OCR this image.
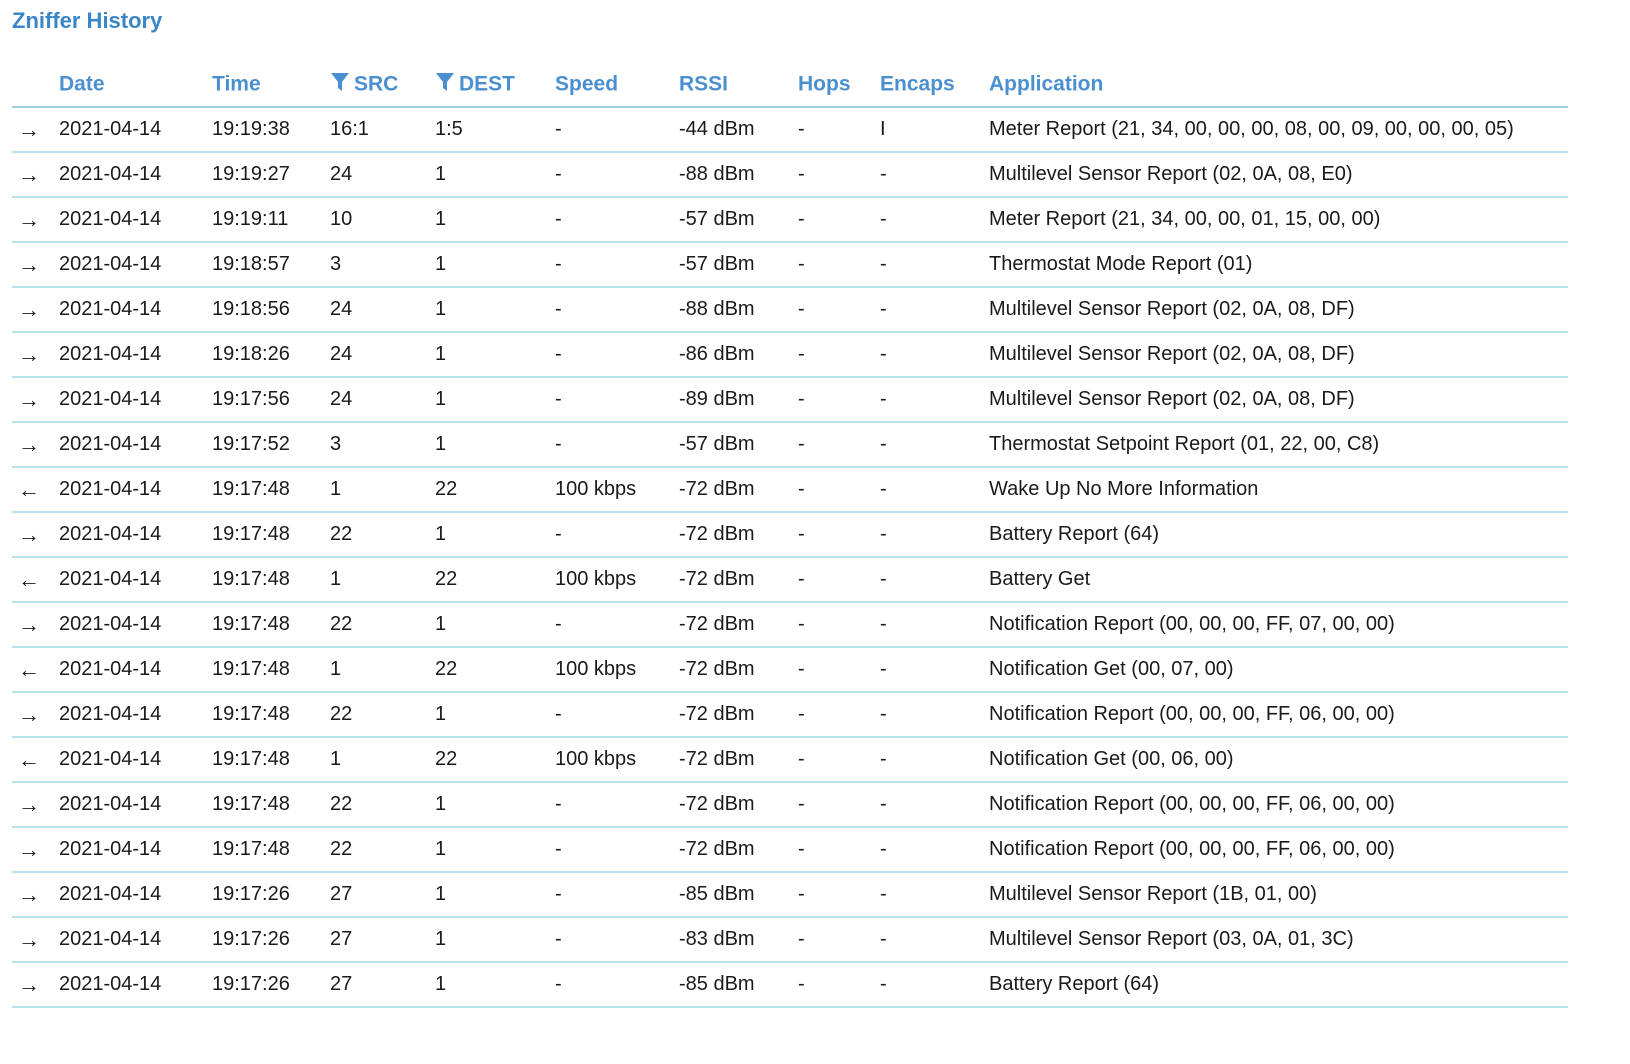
Zniffer History
	Date	Time	SRC	DEST	Speed	RSSI	Hops	Encaps	Application
→	2021-04-14	19:19:38	16:1	1:5	-	-44 dBm	-	I	Meter Report (21, 34, 00, 00, 00, 08, 00, 09, 00, 00, 00, 05)
→	2021-04-14	19:19:27	24	1	-	-88 dBm	-	-	Multilevel Sensor Report (02, 0A, 08, E0)
→	2021-04-14	19:19:11	10	1	-	-57 dBm	-	-	Meter Report (21, 34, 00, 00, 01, 15, 00, 00)
→	2021-04-14	19:18:57	3	1	-	-57 dBm	-	-	Thermostat Mode Report (01)
→	2021-04-14	19:18:56	24	1	-	-88 dBm	-	-	Multilevel Sensor Report (02, 0A, 08, DF)
→	2021-04-14	19:18:26	24	1	-	-86 dBm	-	-	Multilevel Sensor Report (02, 0A, 08, DF)
→	2021-04-14	19:17:56	24	1	-	-89 dBm	-	-	Multilevel Sensor Report (02, 0A, 08, DF)
→	2021-04-14	19:17:52	3	1	-	-57 dBm	-	-	Thermostat Setpoint Report (01, 22, 00, C8)
←	2021-04-14	19:17:48	1	22	100 kbps	-72 dBm	-	-	Wake Up No More Information
→	2021-04-14	19:17:48	22	1	-	-72 dBm	-	-	Battery Report (64)
←	2021-04-14	19:17:48	1	22	100 kbps	-72 dBm	-	-	Battery Get
→	2021-04-14	19:17:48	22	1	-	-72 dBm	-	-	Notification Report (00, 00, 00, FF, 07, 00, 00)
←	2021-04-14	19:17:48	1	22	100 kbps	-72 dBm	-	-	Notification Get (00, 07, 00)
→	2021-04-14	19:17:48	22	1	-	-72 dBm	-	-	Notification Report (00, 00, 00, FF, 06, 00, 00)
←	2021-04-14	19:17:48	1	22	100 kbps	-72 dBm	-	-	Notification Get (00, 06, 00)
→	2021-04-14	19:17:48	22	1	-	-72 dBm	-	-	Notification Report (00, 00, 00, FF, 06, 00, 00)
→	2021-04-14	19:17:48	22	1	-	-72 dBm	-	-	Notification Report (00, 00, 00, FF, 06, 00, 00)
→	2021-04-14	19:17:26	27	1	-	-85 dBm	-	-	Multilevel Sensor Report (1B, 01, 00)
→	2021-04-14	19:17:26	27	1	-	-83 dBm	-	-	Multilevel Sensor Report (03, 0A, 01, 3C)
→	2021-04-14	19:17:26	27	1	-	-85 dBm	-	-	Battery Report (64)
